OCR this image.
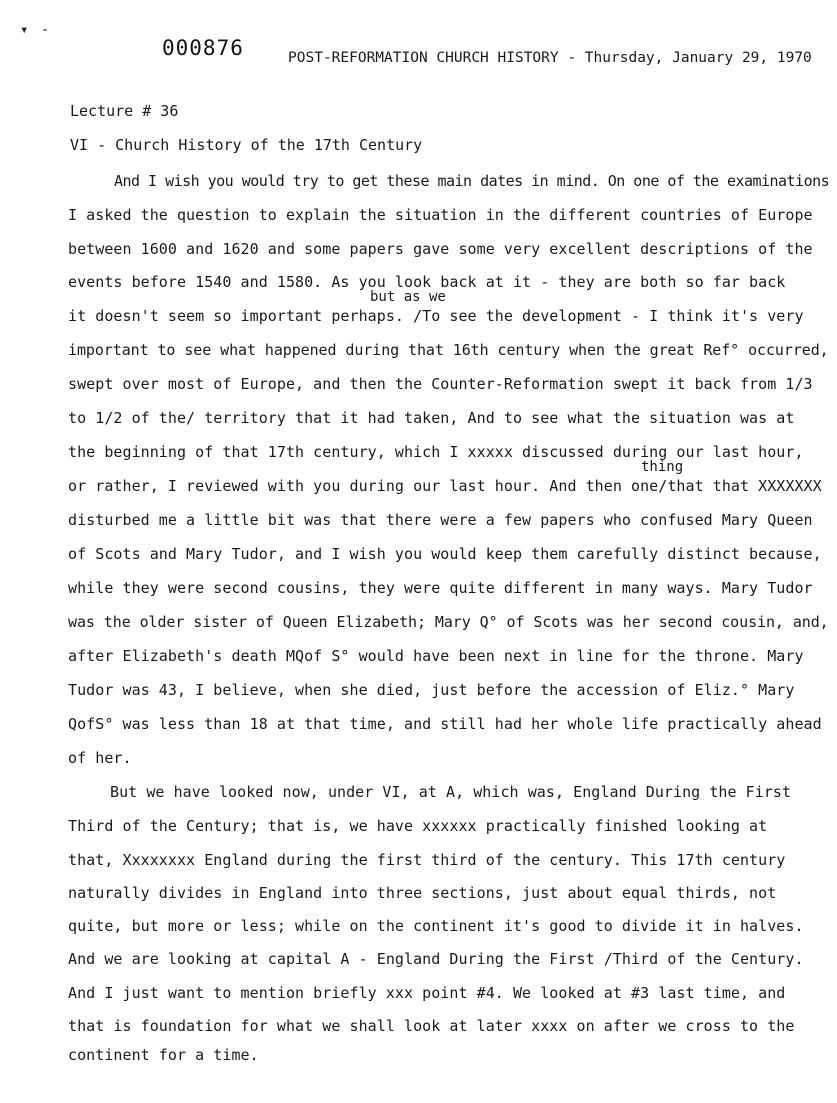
▾ -
000876	POST-REFORMATION CHURCH HISTORY - Thursday, January 29, 1970
Lecture # 36
VI - Church History of the 17th Century
but as we
thing
And I wish you would try to get these main dates in mind. On one of the examinations
I asked the question to explain the situation in the different countries of Europe
between 1600 and 1620 and some papers gave some very excellent descriptions of the
events before 1540 and 1580. As you look back at it - they are both so far back
it doesn't seem so important perhaps. /To see the development - I think it's very
important to see what happened during that 16th century when the great Ref° occurred,
swept over most of Europe, and then the Counter-Reformation swept it back from 1/3
to 1/2 of the/ territory that it had taken, And to see what the situation was at
the beginning of that 17th century, which I xxxxx discussed during our last hour,
or rather, I reviewed with you during our last hour. And then one/that that XXXXXXX
disturbed me a little bit was that there were a few papers who confused Mary Queen
of Scots and Mary Tudor, and I wish you would keep them carefully distinct because,
while they were second cousins, they were quite different in many ways. Mary Tudor
was the older sister of Queen Elizabeth; Mary Q° of Scots was her second cousin, and,
after Elizabeth's death MQof S° would have been next in line for the throne. Mary
Tudor was 43, I believe, when she died, just before the accession of Eliz.° Mary
QofS° was less than 18 at that time, and still had her whole life practically ahead
of her.
But we have looked now, under VI, at A, which was, England During the First
Third of the Century; that is, we have xxxxxx practically finished looking at
that, Xxxxxxxx England during the first third of the century. This 17th century
naturally divides in England into three sections, just about equal thirds, not
quite, but more or less; while on the continent it's good to divide it in halves.
And we are looking at capital A - England During the First /Third of the Century.
And I just want to mention briefly xxx point #4. We looked at #3 last time, and
that is foundation for what we shall look at later xxxx on after we cross to the
continent for a time.
